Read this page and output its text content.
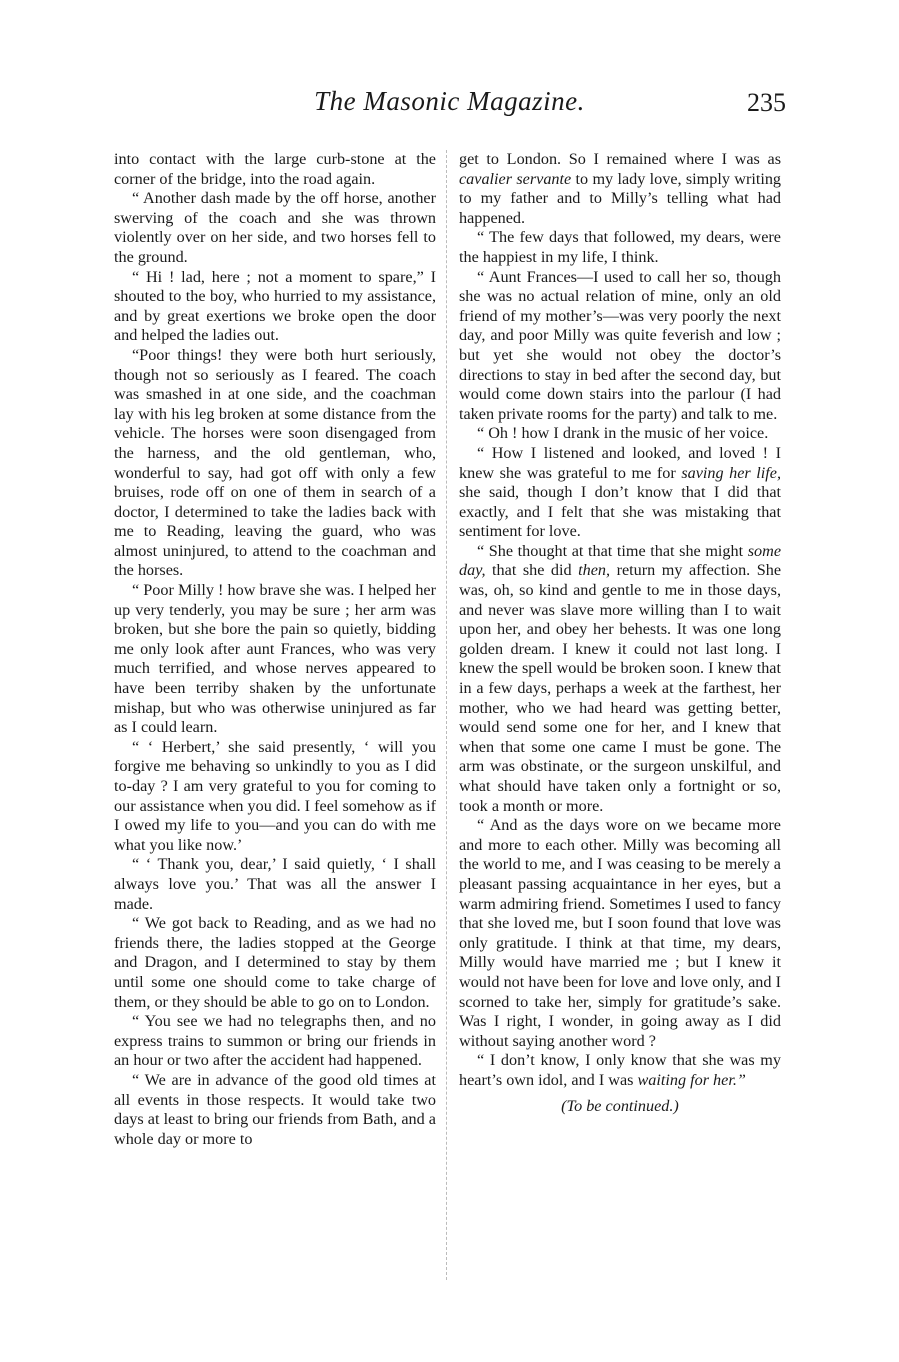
The Masonic Magazine.	235

into contact with the large curb-stone at the corner of the bridge, into the road again.

“ Another dash made by the off horse, another swerving of the coach and she was thrown violently over on her side, and two horses fell to the ground.

“ Hi ! lad, here ; not a moment to spare,” I shouted to the boy, who hurried to my assistance, and by great exertions we broke open the door and helped the ladies out.

“Poor things! they were both hurt seriously, though not so seriously as I feared. The coach was smashed in at one side, and the coachman lay with his leg broken at some distance from the vehicle. The horses were soon disengaged from the harness, and the old gentleman, who, wonderful to say, had got off with only a few bruises, rode off on one of them in search of a doctor, I determined to take the ladies back with me to Reading, leaving the guard, who was almost uninjured, to attend to the coachman and the horses.

“ Poor Milly ! how brave she was. I helped her up very tenderly, you may be sure ; her arm was broken, but she bore the pain so quietly, bidding me only look after aunt Frances, who was very much terrified, and whose nerves appeared to have been terriby shaken by the unfortunate mishap, but who was otherwise uninjured as far as I could learn.

“ ‘ Herbert,’ she said presently, ‘ will you forgive me behaving so unkindly to you as I did to-day ? I am very grateful to you for coming to our assistance when you did. I feel somehow as if I owed my life to you—and you can do with me what you like now.’

“ ‘ Thank you, dear,’ I said quietly, ‘ I shall always love you.’ That was all the answer I made.

“ We got back to Reading, and as we had no friends there, the ladies stopped at the George and Dragon, and I determined to stay by them until some one should come to take charge of them, or they should be able to go on to London.

“ You see we had no telegraphs then, and no express trains to summon or bring our friends in an hour or two after the accident had happened.

“ We are in advance of the good old times at all events in those respects. It would take two days at least to bring our friends from Bath, and a whole day or more to

get to London. So I remained where I was as cavalier servante to my lady love, simply writing to my father and to Milly’s telling what had happened.

“ The few days that followed, my dears, were the happiest in my life, I think.

“ Aunt Frances—I used to call her so, though she was no actual relation of mine, only an old friend of my mother’s—was very poorly the next day, and poor Milly was quite feverish and low ; but yet she would not obey the doctor’s directions to stay in bed after the second day, but would come down stairs into the parlour (I had taken private rooms for the party) and talk to me.

“ Oh ! how I drank in the music of her voice.

“ How I listened and looked, and loved ! I knew she was grateful to me for saving her life, she said, though I don’t know that I did that exactly, and I felt that she was mistaking that sentiment for love.

“ She thought at that time that she might some day, that she did then, return my affection. She was, oh, so kind and gentle to me in those days, and never was slave more willing than I to wait upon her, and obey her behests. It was one long golden dream. I knew it could not last long. I knew the spell would be broken soon. I knew that in a few days, perhaps a week at the farthest, her mother, who we had heard was getting better, would send some one for her, and I knew that when that some one came I must be gone. The arm was obstinate, or the surgeon unskilful, and what should have taken only a fortnight or so, took a month or more.

“ And as the days wore on we became more and more to each other. Milly was becoming all the world to me, and I was ceasing to be merely a pleasant passing acquaintance in her eyes, but a warm admiring friend. Sometimes I used to fancy that she loved me, but I soon found that love was only gratitude. I think at that time, my dears, Milly would have married me ; but I knew it would not have been for love and love only, and I scorned to take her, simply for gratitude’s sake. Was I right, I wonder, in going away as I did without saying another word ?

“ I don’t know, I only know that she was my heart’s own idol, and I was waiting for her.”

(To be continued.)
